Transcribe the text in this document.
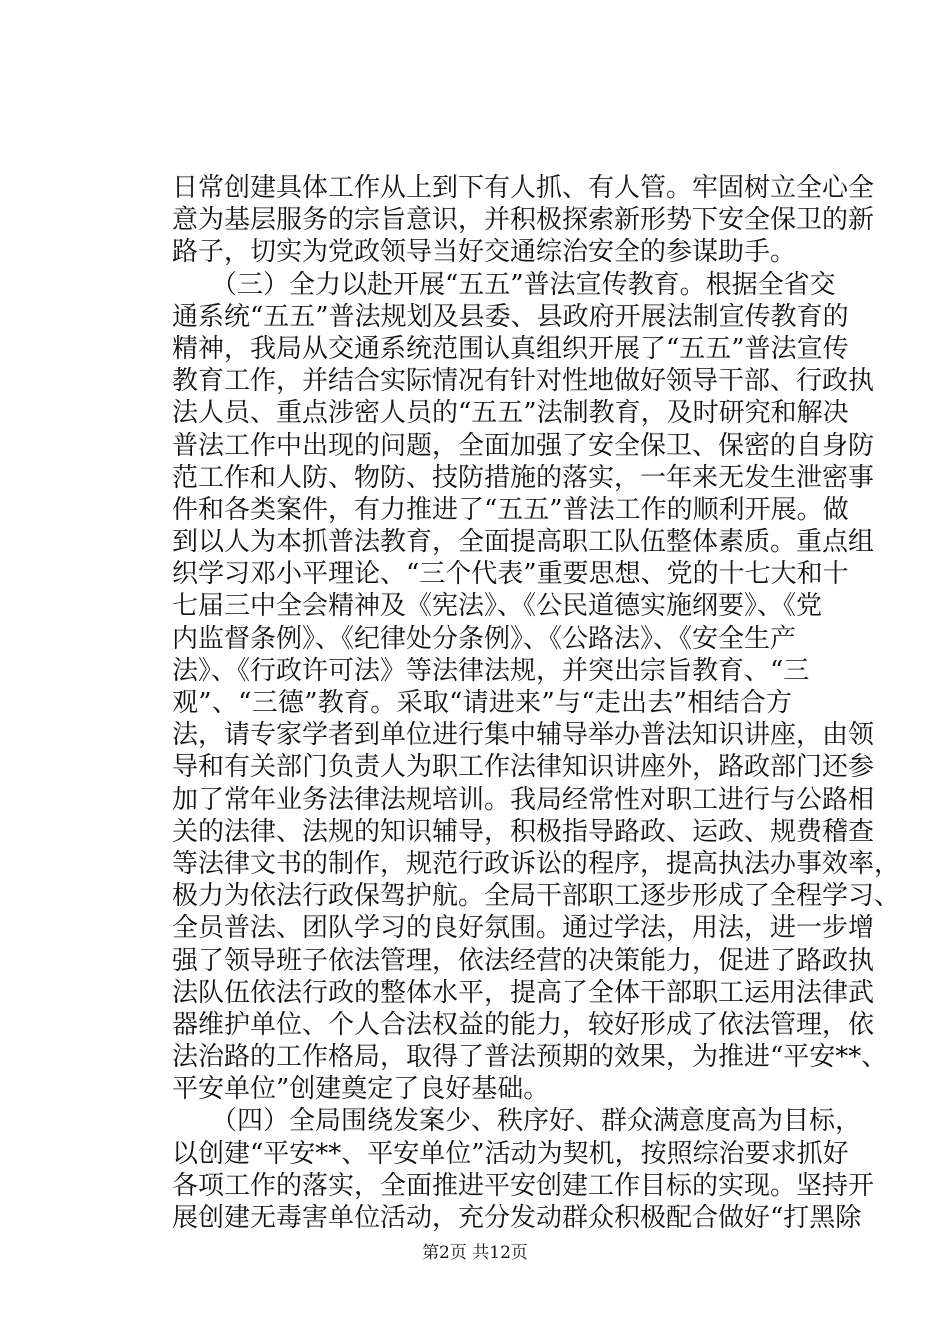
日常创建具体工作从上到下有人抓、有人管。牢固树立全心全
意为基层服务的宗旨意识，并积极探索新形势下安全保卫的新
路子，切实为党政领导当好交通综治安全的参谋助手。
　　（三）全力以赴开展“五五”普法宣传教育。根据全省交
通系统“五五”普法规划及县委、县政府开展法制宣传教育的
精神，我局从交通系统范围认真组织开展了“五五”普法宣传
教育工作，并结合实际情况有针对性地做好领导干部、行政执
法人员、重点涉密人员的“五五”法制教育，及时研究和解决
普法工作中出现的问题，全面加强了安全保卫、保密的自身防
范工作和人防、物防、技防措施的落实，一年来无发生泄密事
件和各类案件，有力推进了“五五”普法工作的顺利开展。做
到以人为本抓普法教育，全面提高职工队伍整体素质。重点组
织学习邓小平理论、“三个代表”重要思想、党的十七大和十
七届三中全会精神及《宪法》、《公民道德实施纲要》、《党
内监督条例》、《纪律处分条例》、《公路法》、《安全生产
法》、《行政许可法》等法律法规，并突出宗旨教育、“三
观”、“三德”教育。采取“请进来”与“走出去”相结合方
法，请专家学者到单位进行集中辅导举办普法知识讲座，由领
导和有关部门负责人为职工作法律知识讲座外，路政部门还参
加了常年业务法律法规培训。我局经常性对职工进行与公路相
关的法律、法规的知识辅导，积极指导路政、运政、规费稽查
等法律文书的制作，规范行政诉讼的程序，提高执法办事效率，
极力为依法行政保驾护航。全局干部职工逐步形成了全程学习、
全员普法、团队学习的良好氛围。通过学法，用法，进一步增
强了领导班子依法管理，依法经营的决策能力，促进了路政执
法队伍依法行政的整体水平，提高了全体干部职工运用法律武
器维护单位、个人合法权益的能力，较好形成了依法管理，依
法治路的工作格局，取得了普法预期的效果，为推进“平安**、
平安单位”创建奠定了良好基础。
　　（四）全局围绕发案少、秩序好、群众满意度高为目标，
以创建“平安**、平安单位”活动为契机，按照综治要求抓好
各项工作的落实，全面推进平安创建工作目标的实现。坚持开
展创建无毒害单位活动，充分发动群众积极配合做好“打黑除
第2页 共12页
